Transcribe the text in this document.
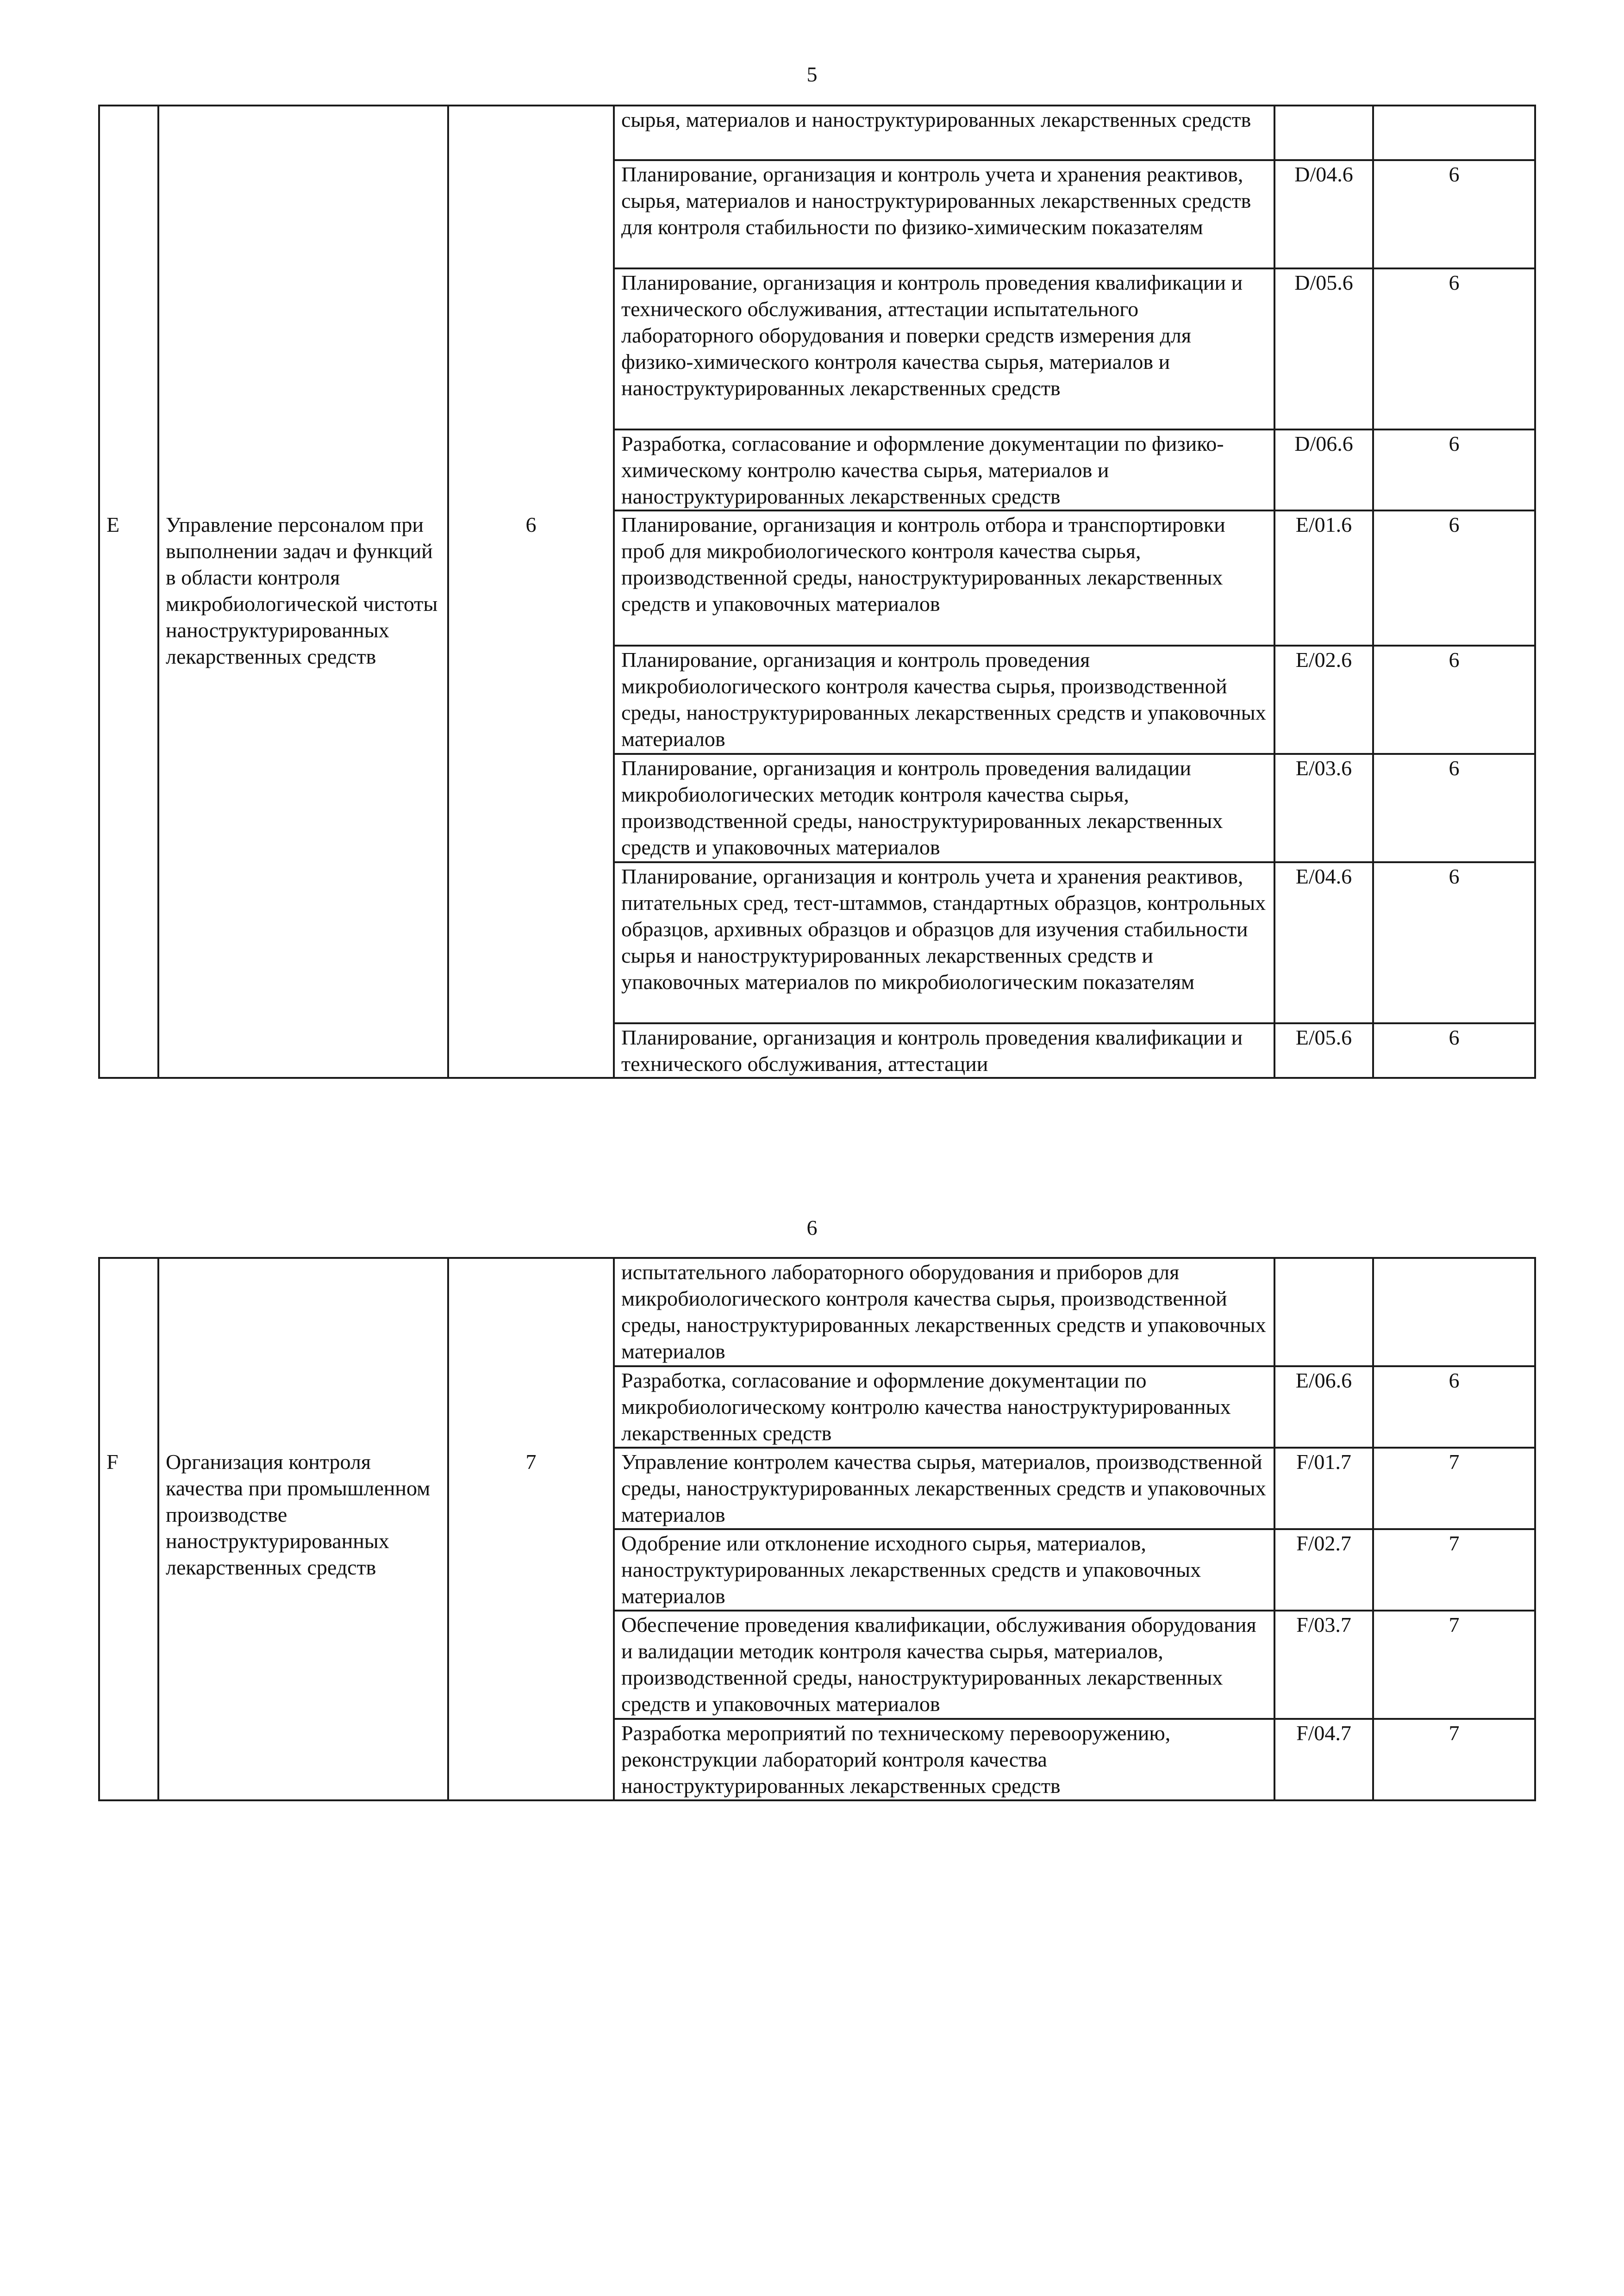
5
			сырья, материалов и наноструктурированных лекарственных средств		
			Планирование, организация и контроль учета и хранения реактивов, сырья, материалов и наноструктурированных лекарственных средств для контроля стабильности по физико-химическим показателям	D/04.6	6
			Планирование, организация и контроль проведения квалификации и технического обслуживания, аттестации испытательного лабораторного оборудования и поверки средств измерения для физико-химического контроля качества сырья, материалов и наноструктурированных лекарственных средств	D/05.6	6
			Разработка, согласование и оформление документации по физико-химическому контролю качества сырья, материалов и наноструктурированных лекарственных средств	D/06.6	6
E	Управление персоналом при выполнении задач и функций в области контроля микробиологической чистоты наноструктурированных лекарственных средств	6	Планирование, организация и контроль отбора и транспортировки проб для микробиологического контроля качества сырья, производственной среды, наноструктурированных лекарственных средств и упаковочных материалов	E/01.6	6
			Планирование, организация и контроль проведения микробиологического контроля качества сырья, производственной среды, наноструктурированных лекарственных средств и упаковочных материалов	E/02.6	6
			Планирование, организация и контроль проведения валидации микробиологических методик контроля качества сырья, производственной среды, наноструктурированных лекарственных средств и упаковочных материалов	E/03.6	6
			Планирование, организация и контроль учета и хранения реактивов, питательных сред, тест-штаммов, стандартных образцов, контрольных образцов, архивных образцов и образцов для изучения стабильности сырья и наноструктурированных лекарственных средств и упаковочных материалов по микробиологическим показателям	E/04.6	6
			Планирование, организация и контроль проведения квалификации и технического обслуживания, аттестации	E/05.6	6
6
			испытательного лабораторного оборудования и приборов для микробиологического контроля качества сырья, производственной среды, наноструктурированных лекарственных средств и упаковочных материалов		
			Разработка, согласование и оформление документации по микробиологическому контролю качества наноструктурированных лекарственных средств	E/06.6	6
F	Организация контроля качества при промышленном производстве наноструктурированных лекарственных средств	7	Управление контролем качества сырья, материалов, производственной среды, наноструктурированных лекарственных средств и упаковочных материалов	F/01.7	7
			Одобрение или отклонение исходного сырья, материалов, наноструктурированных лекарственных средств и упаковочных материалов	F/02.7	7
			Обеспечение проведения квалификации, обслуживания оборудования и валидации методик контроля качества сырья, материалов, производственной среды, наноструктурированных лекарственных средств и упаковочных материалов	F/03.7	7
			Разработка мероприятий по техническому перевооружению, реконструкции лабораторий контроля качества наноструктурированных лекарственных средств	F/04.7	7
